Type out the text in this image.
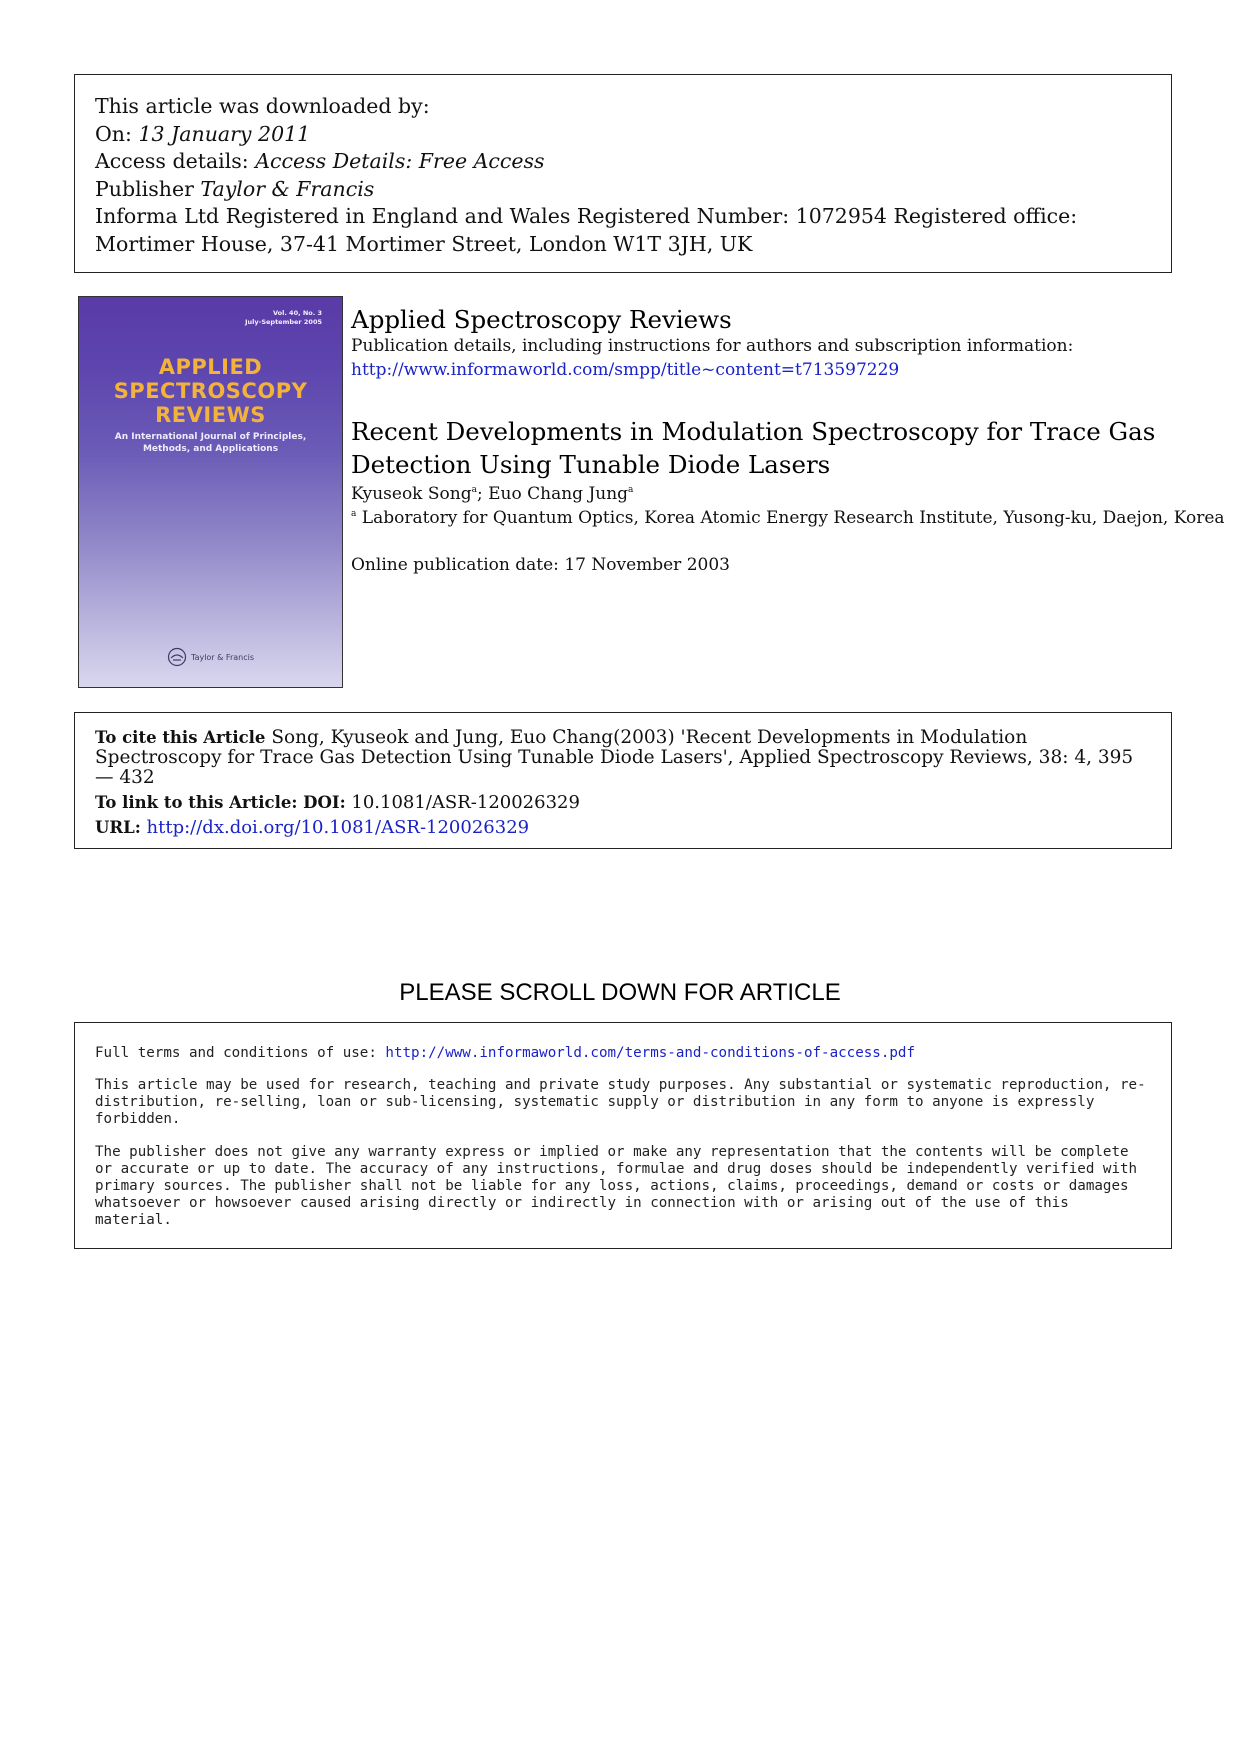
This article was downloaded by:
On: 13 January 2011
Access details: Access Details: Free Access
Publisher Taylor & Francis
Informa Ltd Registered in England and Wales Registered Number: 1072954 Registered office: Mortimer House, 37-41 Mortimer Street, London W1T 3JH, UK
Vol. 40, No. 3
July-September 2005
APPLIED
SPECTROSCOPY
REVIEWS
An International Journal of Principles, Methods, and Applications
Taylor & Francis
Applied Spectroscopy Reviews
Publication details, including instructions for authors and subscription information:
http://www.informaworld.com/smpp/title~content=t713597229
Recent Developments in Modulation Spectroscopy for Trace Gas Detection Using Tunable Diode Lasers
Kyuseok Song$^a$; Euo Chang Jung$^a$
$^a$ Laboratory for Quantum Optics, Korea Atomic Energy Research Institute, Yusong-ku, Daejon, Korea
Online publication date: 17 November 2003
To cite this Article Song, Kyuseok and Jung, Euo Chang(2003) 'Recent Developments in Modulation Spectroscopy for Trace Gas Detection Using Tunable Diode Lasers', Applied Spectroscopy Reviews, 38: 4, 395 — 432
To link to this Article: DOI: 10.1081/ASR-120026329
URL: http://dx.doi.org/10.1081/ASR-120026329
PLEASE SCROLL DOWN FOR ARTICLE

Full terms and conditions of use: http://www.informaworld.com/terms-and-conditions-of-access.pdf

This article may be used for research, teaching and private study purposes. Any substantial or systematic reproduction, re-distribution, re-selling, loan or sub-licensing, systematic supply or distribution in any form to anyone is expressly forbidden.

The publisher does not give any warranty express or implied or make any representation that the contents will be complete or accurate or up to date. The accuracy of any instructions, formulae and drug doses should be independently verified with primary sources. The publisher shall not be liable for any loss, actions, claims, proceedings, demand or costs or damages whatsoever or howsoever caused arising directly or indirectly in connection with or arising out of the use of this material.
